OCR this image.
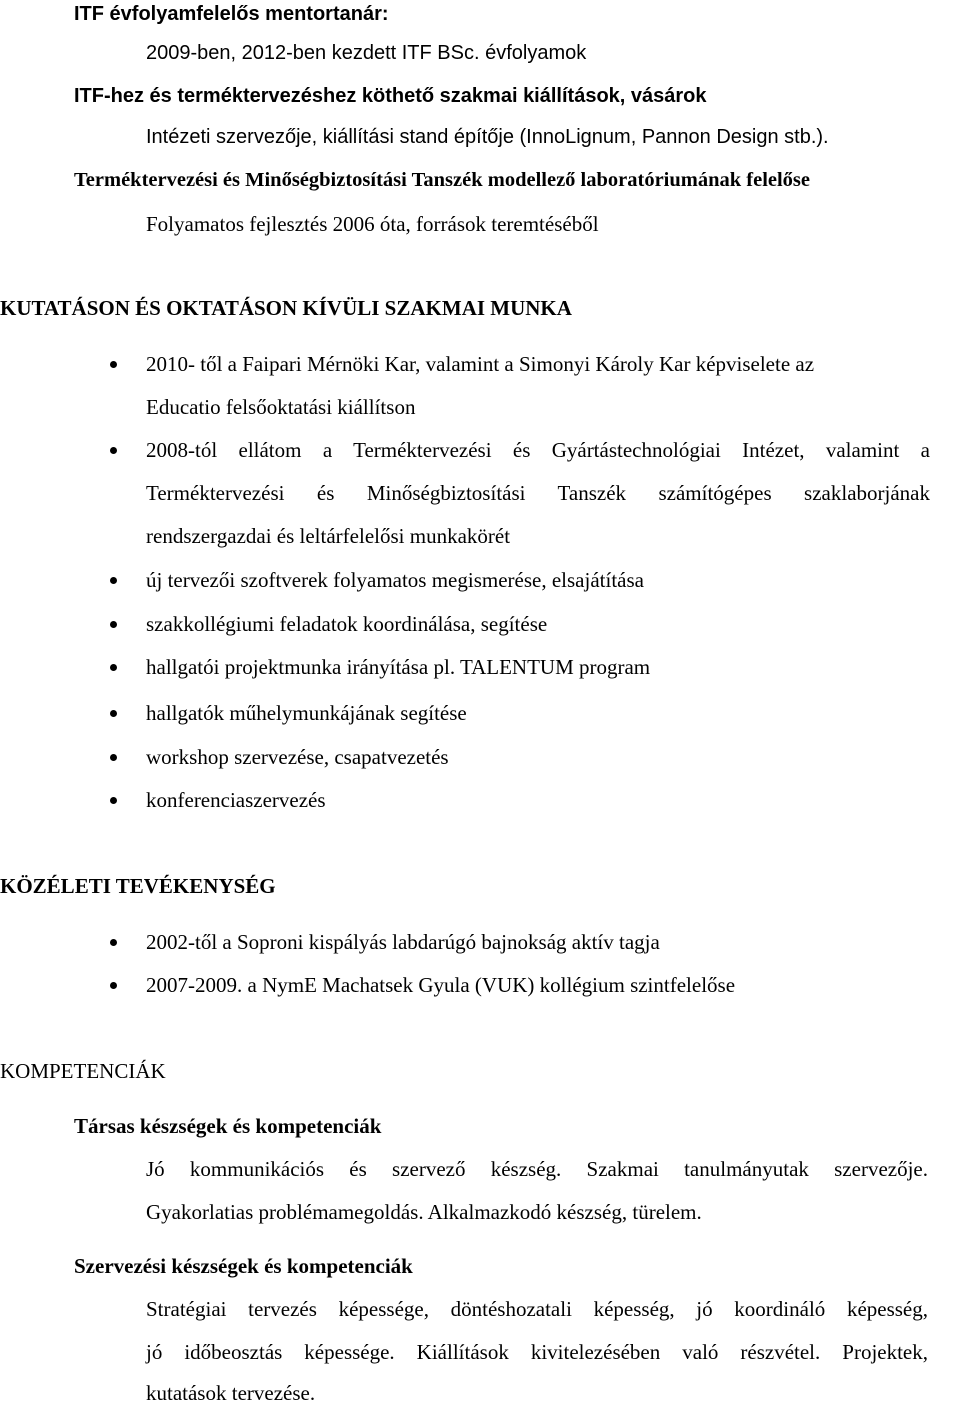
ITF évfolyamfelelős mentortanár:
2009-ben, 2012-ben kezdett ITF BSc. évfolyamok
ITF-hez és terméktervezéshez köthető szakmai kiállítások, vásárok
Intézeti szervezője, kiállítási stand építője (InnoLignum, Pannon Design stb.).
Terméktervezési és Minőségbiztosítási Tanszék modellező laboratóriumának felelőse
Folyamatos fejlesztés 2006 óta, források teremtéséből
KUTATÁSON ÉS OKTATÁSON KÍVÜLI SZAKMAI MUNKA
2010- től a Faipari Mérnöki Kar, valamint a Simonyi Károly Kar képviselete az
Educatio felsőoktatási kiállítson
2008-tól ellátom a Terméktervezési és Gyártástechnológiai Intézet, valamint a
Terméktervezési és Minőségbiztosítási Tanszék számítógépes szaklaborjának
rendszergazdai és leltárfelelősi munkakörét
új tervezői szoftverek folyamatos megismerése, elsajátítása
szakkollégiumi feladatok koordinálása, segítése
hallgatói projektmunka irányítása pl. TALENTUM program
hallgatók műhelymunkájának segítése
workshop szervezése, csapatvezetés
konferenciaszervezés
KÖZÉLETI TEVÉKENYSÉG
2002-től a Soproni kispályás labdarúgó bajnokság aktív tagja
2007-2009. a NymE Machatsek Gyula (VUK) kollégium szintfelelőse
KOMPETENCIÁK
Társas készségek és kompetenciák
Jó kommunikációs és szervező készség. Szakmai tanulmányutak szervezője.
Gyakorlatias problémamegoldás. Alkalmazkodó készség, türelem.
Szervezési készségek és kompetenciák
Stratégiai tervezés képessége, döntéshozatali képesség, jó koordináló képesség,
jó időbeosztás képessége. Kiállítások kivitelezésében való részvétel. Projektek,
kutatások tervezése.
